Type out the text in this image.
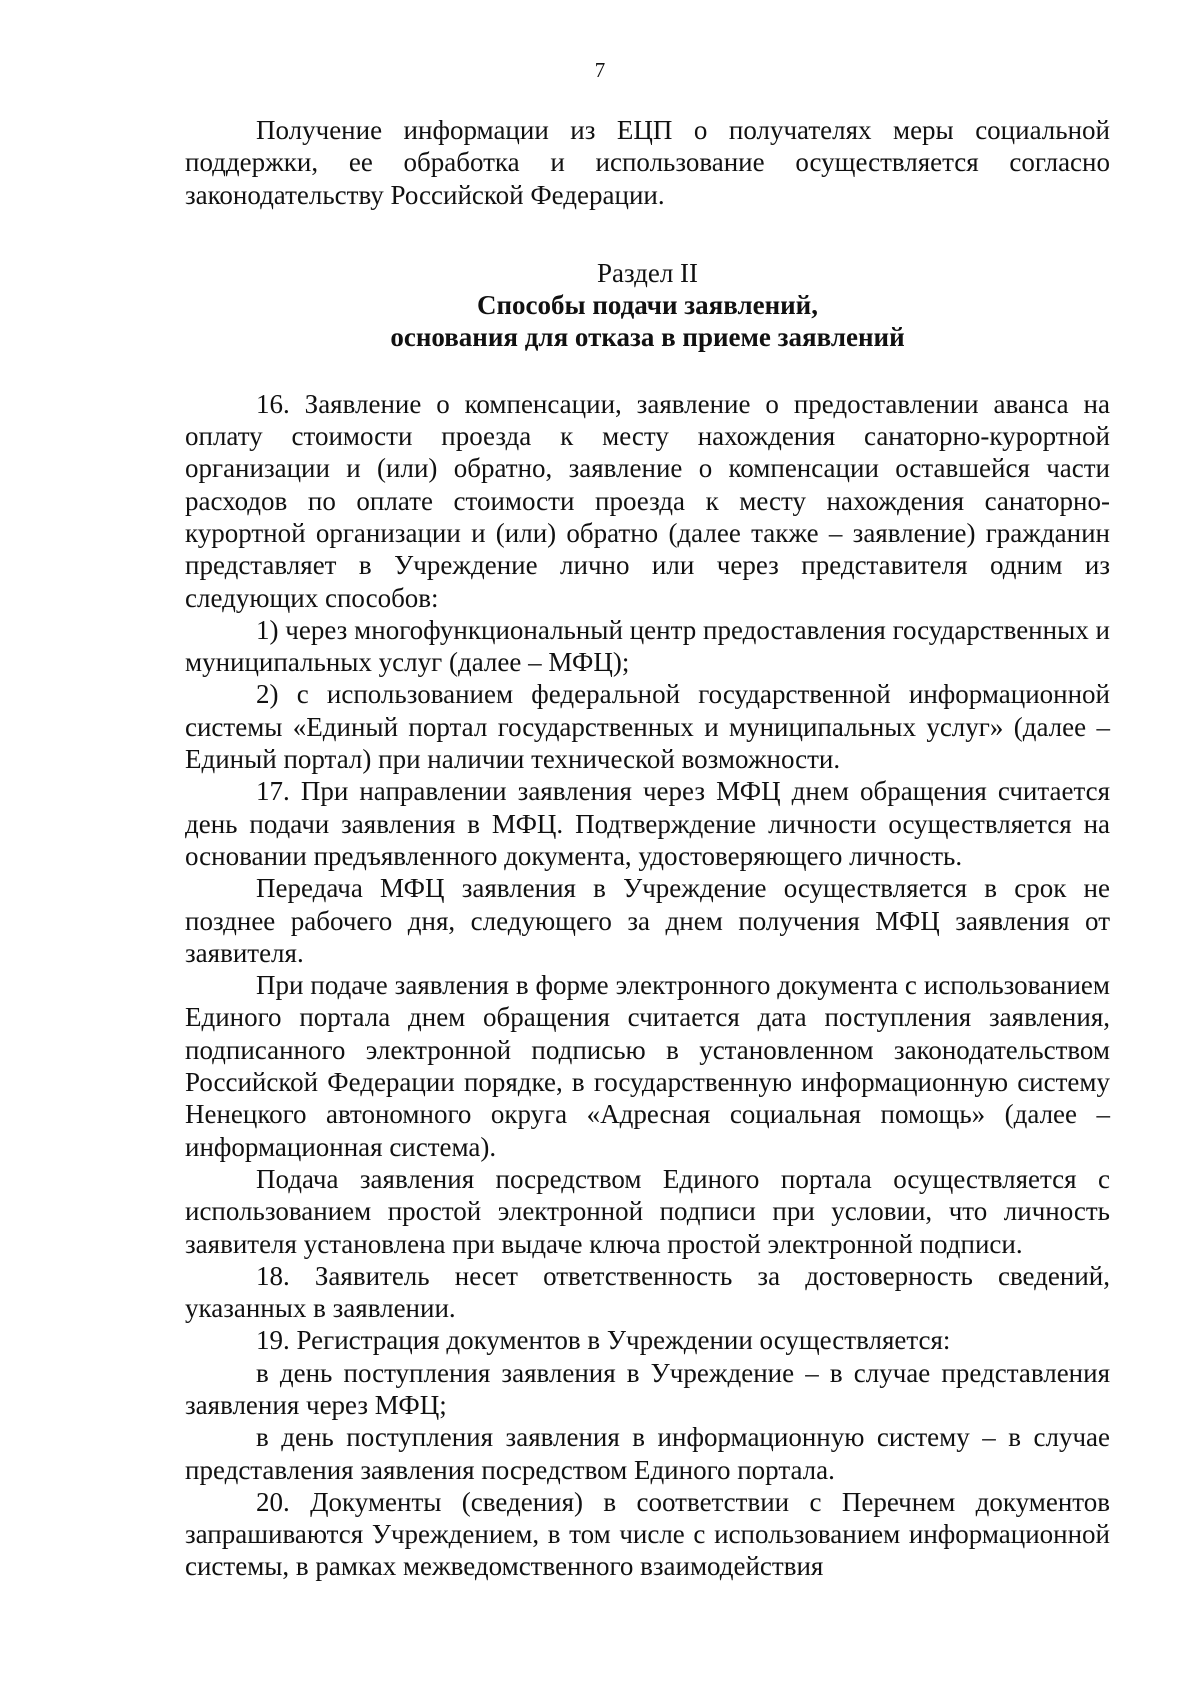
7

Получение информации из ЕЦП о получателях меры социальной поддержки, ее обработка и использование осуществляется согласно законодательству Российской Федерации.

Раздел II

Способы подачи заявлений,

основания для отказа в приеме заявлений

16. Заявление о компенсации, заявление о предоставлении аванса на оплату стоимости проезда к месту нахождения санаторно-курортной организации и (или) обратно, заявление о компенсации оставшейся части расходов по оплате стоимости проезда к месту нахождения санаторно-курортной организации и (или) обратно (далее также – заявление) гражданин представляет в Учреждение лично или через представителя одним из следующих способов:

1) через многофункциональный центр предоставления государственных и муниципальных услуг (далее – МФЦ);

2) с использованием федеральной государственной информационной системы «Единый портал государственных и муниципальных услуг» (далее – Единый портал) при наличии технической возможности.

17. При направлении заявления через МФЦ днем обращения считается день подачи заявления в МФЦ. Подтверждение личности осуществляется на основании предъявленного документа, удостоверяющего личность.

Передача МФЦ заявления в Учреждение осуществляется в срок не позднее рабочего дня, следующего за днем получения МФЦ заявления от заявителя.

При подаче заявления в форме электронного документа с использованием Единого портала днем обращения считается дата поступления заявления, подписанного электронной подписью в установленном законодательством Российской Федерации порядке, в государственную информационную систему Ненецкого автономного округа «Адресная социальная помощь» (далее – информационная система).

Подача заявления посредством Единого портала осуществляется с использованием простой электронной подписи при условии, что личность заявителя установлена при выдаче ключа простой электронной подписи.

18. Заявитель несет ответственность за достоверность сведений, указанных в заявлении.

19. Регистрация документов в Учреждении осуществляется:

в день поступления заявления в Учреждение – в случае представления заявления через МФЦ;

в день поступления заявления в информационную систему – в случае представления заявления посредством Единого портала.

20. Документы (сведения) в соответствии с Перечнем документов запрашиваются Учреждением, в том числе с использованием информационной системы, в рамках межведомственного взаимодействия
